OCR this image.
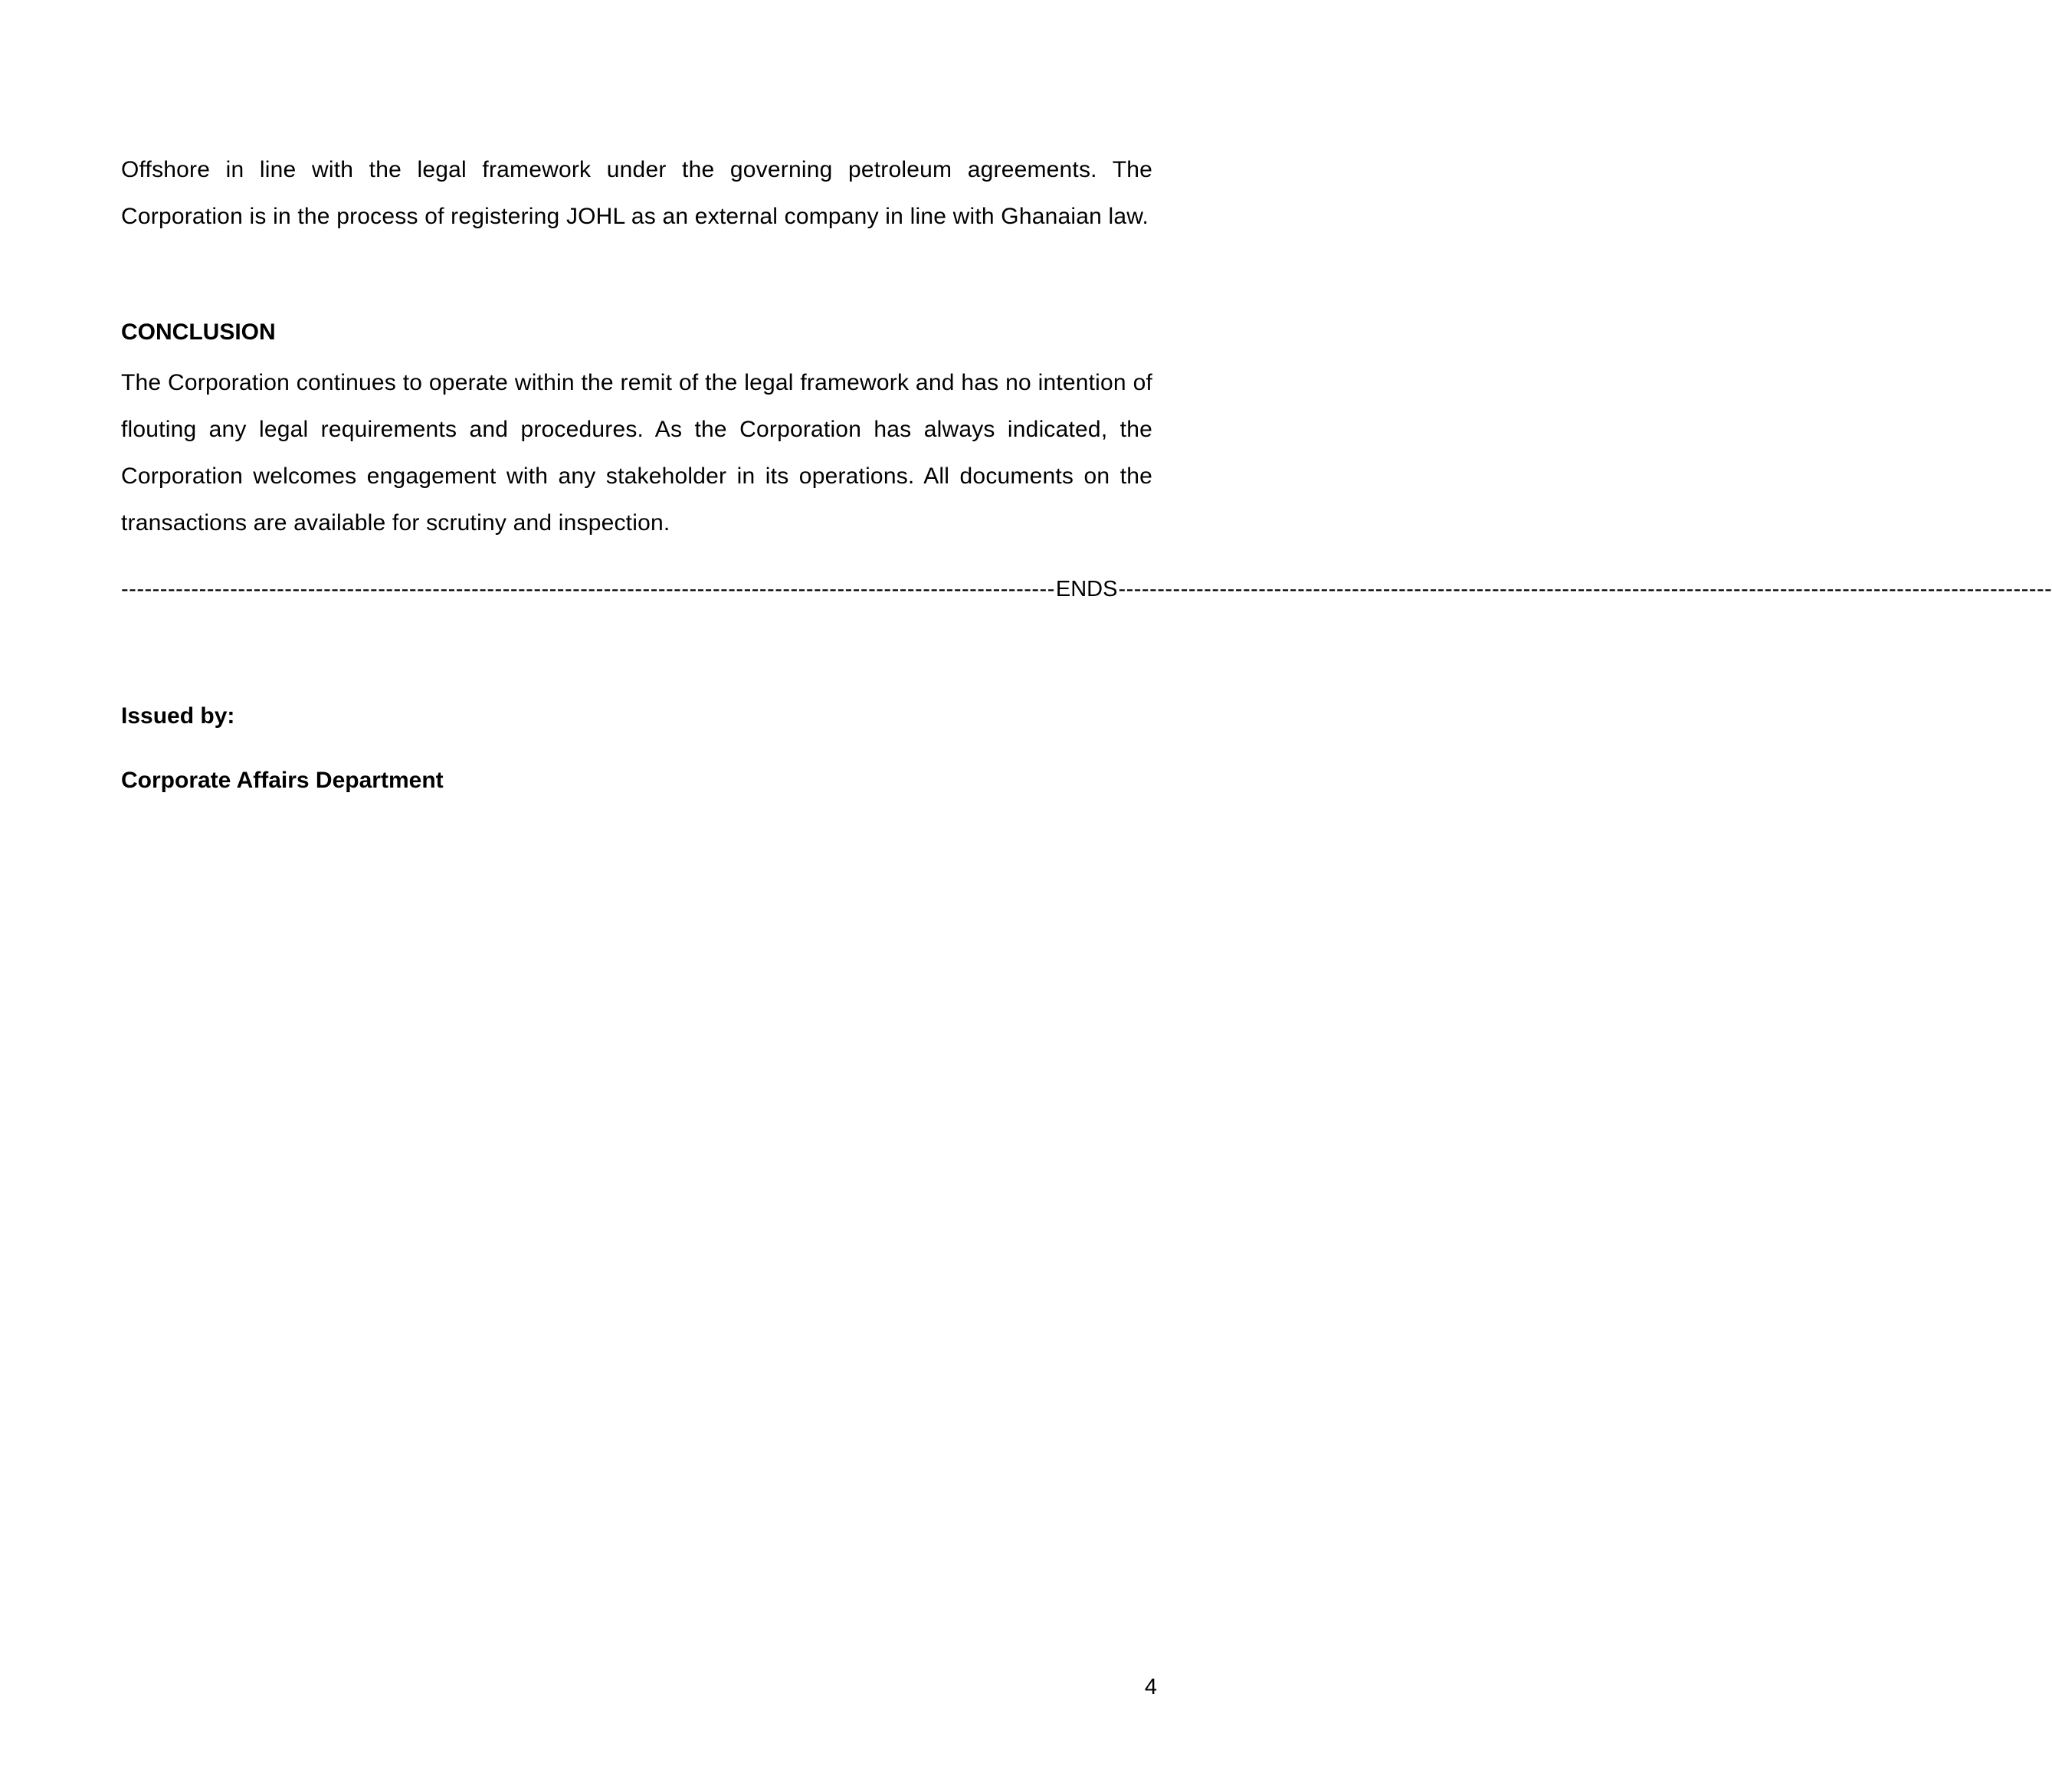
Offshore in line with the legal framework under the governing petroleum agreements. The Corporation is in the process of registering JOHL as an external company in line with Ghanaian law.

CONCLUSION

The Corporation continues to operate within the remit of the legal framework and has no intention of flouting any legal requirements and procedures. As the Corporation has always indicated, the Corporation welcomes engagement with any stakeholder in its operations. All documents on the transactions are available for scrutiny and inspection.

------------------------------------------------------------------------------------------------------------------------ ENDS ------------------------------------------------------------------------------------------------------------------------

Issued by:

Corporate Affairs Department

4
